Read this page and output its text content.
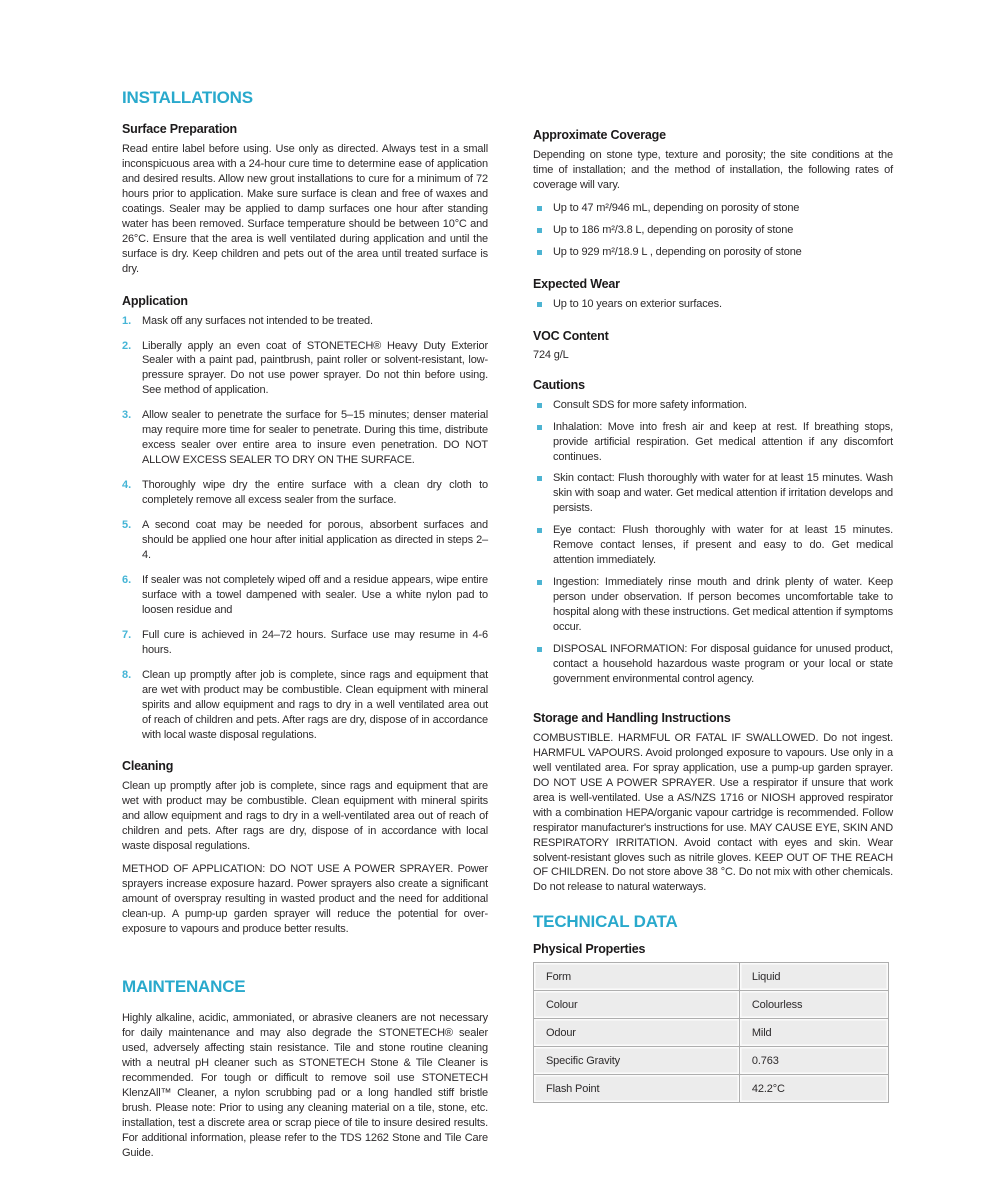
INSTALLATIONS
Surface Preparation

Read entire label before using. Use only as directed. Always test in a small inconspicuous area with a 24-hour cure time to determine ease of application and desired results. Allow new grout installations to cure for a minimum of 72 hours prior to application. Make sure surface is clean and free of waxes and coatings. Sealer may be applied to damp surfaces one hour after standing water has been removed. Surface temperature should be between 10°C and 26°C. Ensure that the area is well ventilated during application and until the surface is dry. Keep children and pets out of the area until treated surface is dry.

Application
1. Mask off any surfaces not intended to be treated.
2. Liberally apply an even coat of STONETECH® Heavy Duty Exterior Sealer with a paint pad, paintbrush, paint roller or solvent-resistant, low-pressure sprayer. Do not use power sprayer. Do not thin before using. See method of application.
3. Allow sealer to penetrate the surface for 5–15 minutes; denser material may require more time for sealer to penetrate. During this time, distribute excess sealer over entire area to insure even penetration. DO NOT ALLOW EXCESS SEALER TO DRY ON THE SURFACE.
4. Thoroughly wipe dry the entire surface with a clean dry cloth to completely remove all excess sealer from the surface.
5. A second coat may be needed for porous, absorbent surfaces and should be applied one hour after initial application as directed in steps 2–4.
6. If sealer was not completely wiped off and a residue appears, wipe entire surface with a towel dampened with sealer. Use a white nylon pad to loosen residue and
7. Full cure is achieved in 24–72 hours. Surface use may resume in 4-6 hours.
8. Clean up promptly after job is complete, since rags and equipment that are wet with product may be combustible. Clean equipment with mineral spirits and allow equipment and rags to dry in a well ventilated area out of reach of children and pets. After rags are dry, dispose of in accordance with local waste disposal regulations.
Cleaning

Clean up promptly after job is complete, since rags and equipment that are wet with product may be combustible. Clean equipment with mineral spirits and allow equipment and rags to dry in a well-ventilated area out of reach of children and pets. After rags are dry, dispose of in accordance with local waste disposal regulations.

METHOD OF APPLICATION: DO NOT USE A POWER SPRAYER. Power sprayers increase exposure hazard. Power sprayers also create a significant amount of overspray resulting in wasted product and the need for additional clean-up. A pump-up garden sprayer will reduce the potential for over-exposure to vapours and produce better results.

MAINTENANCE

Highly alkaline, acidic, ammoniated, or abrasive cleaners are not necessary for daily maintenance and may also degrade the STONETECH® sealer used, adversely affecting stain resistance. Tile and stone routine cleaning with a neutral pH cleaner such as STONETECH Stone & Tile Cleaner is recommended. For tough or difficult to remove soil use STONETECH KlenzAll™ Cleaner, a nylon scrubbing pad or a long handled stiff bristle brush. Please note: Prior to using any cleaning material on a tile, stone, etc. installation, test a discrete area or scrap piece of tile to insure desired results. For additional information, please refer to the TDS 1262 Stone and Tile Care Guide.

Approximate Coverage

Depending on stone type, texture and porosity; the site conditions at the time of installation; and the method of installation, the following rates of coverage will vary.

Up to 47 m²/946 mL, depending on porosity of stone
Up to 186 m²/3.8 L, depending on porosity of stone
Up to 929 m²/18.9 L , depending on porosity of stone
Expected Wear
Up to 10 years on exterior surfaces.
VOC Content

724 g/L

Cautions
Consult SDS for more safety information.
Inhalation: Move into fresh air and keep at rest. If breathing stops, provide artificial respiration. Get medical attention if any discomfort continues.
Skin contact: Flush thoroughly with water for at least 15 minutes. Wash skin with soap and water. Get medical attention if irritation develops and persists.
Eye contact: Flush thoroughly with water for at least 15 minutes. Remove contact lenses, if present and easy to do. Get medical attention immediately.
Ingestion: Immediately rinse mouth and drink plenty of water. Keep person under observation. If person becomes uncomfortable take to hospital along with these instructions. Get medical attention if symptoms occur.
DISPOSAL INFORMATION: For disposal guidance for unused product, contact a household hazardous waste program or your local or state government environmental control agency.
Storage and Handling Instructions

COMBUSTIBLE. HARMFUL OR FATAL IF SWALLOWED. Do not ingest. HARMFUL VAPOURS. Avoid prolonged exposure to vapours. Use only in a well ventilated area. For spray application, use a pump-up garden sprayer. DO NOT USE A POWER SPRAYER. Use a respirator if unsure that work area is well-ventilated. Use a AS/NZS 1716 or NIOSH approved respirator with a combination HEPA/organic vapour cartridge is recommended. Follow respirator manufacturer's instructions for use. MAY CAUSE EYE, SKIN AND RESPIRATORY IRRITATION. Avoid contact with eyes and skin. Wear solvent-resistant gloves such as nitrile gloves. KEEP OUT OF THE REACH OF CHILDREN. Do not store above 38 °C. Do not mix with other chemicals. Do not release to natural waterways.

TECHNICAL DATA
Physical Properties
Form	Liquid
Colour	Colourless
Odour	Mild
Specific Gravity	0.763
Flash Point	42.2°C
